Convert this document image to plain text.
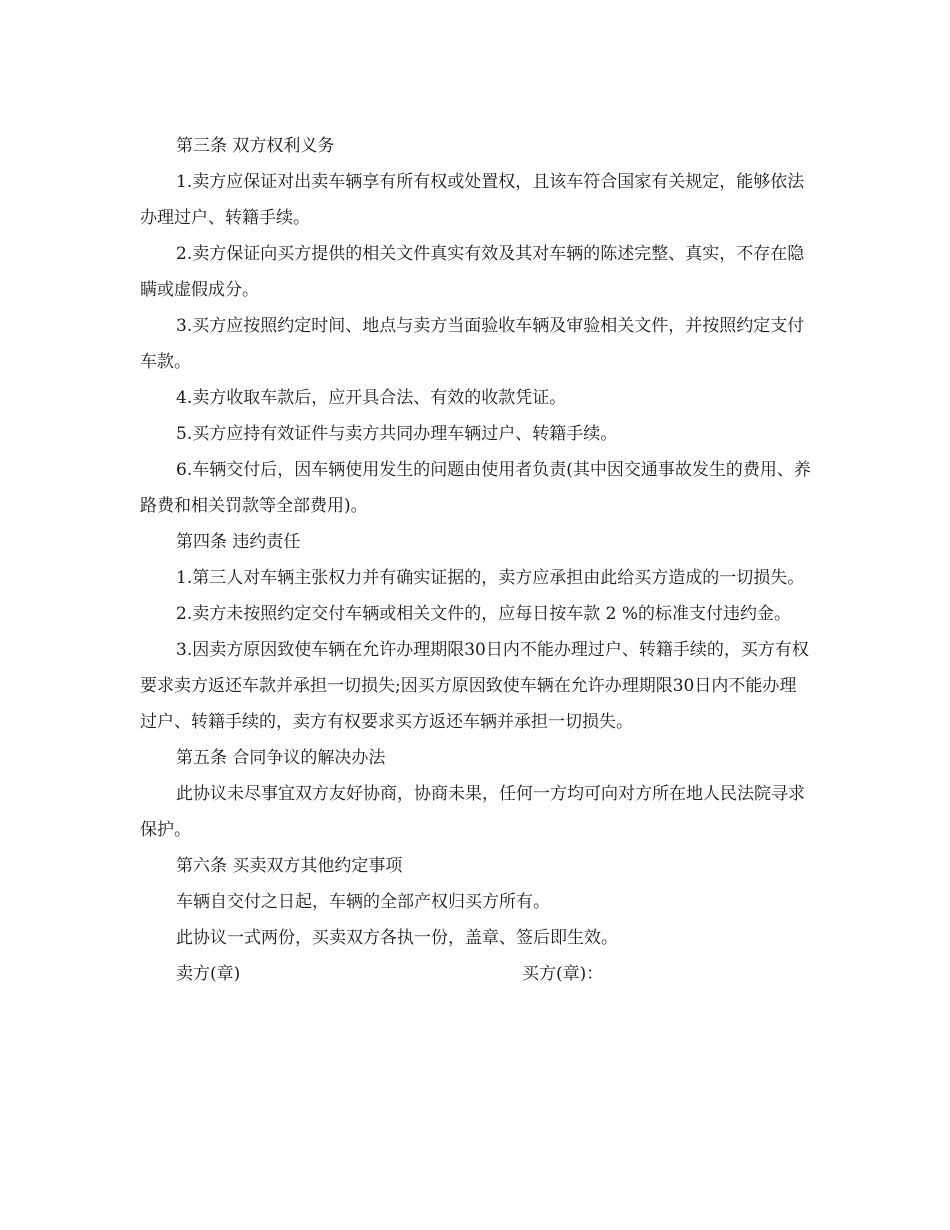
第三条 双方权利义务

1.卖方应保证对出卖车辆享有所有权或处置权，且该车符合国家有关规定，能够依法办理过户、转籍手续。

2.卖方保证向买方提供的相关文件真实有效及其对车辆的陈述完整、真实，不存在隐瞒或虚假成分。

3.买方应按照约定时间、地点与卖方当面验收车辆及审验相关文件，并按照约定支付车款。

4.卖方收取车款后，应开具合法、有效的收款凭证。

5.买方应持有效证件与卖方共同办理车辆过户、转籍手续。

6.车辆交付后，因车辆使用发生的问题由使用者负责(其中因交通事故发生的费用、养路费和相关罚款等全部费用)。

第四条 违约责任

1.第三人对车辆主张权力并有确实证据的，卖方应承担由此给买方造成的一切损失。

2.卖方未按照约定交付车辆或相关文件的，应每日按车款 2 %的标准支付违约金。

3.因卖方原因致使车辆在允许办理期限30日内不能办理过户、转籍手续的，买方有权要求卖方返还车款并承担一切损失;因买方原因致使车辆在允许办理期限30日内不能办理过户、转籍手续的，卖方有权要求买方返还车辆并承担一切损失。

第五条 合同争议的解决办法

此协议未尽事宜双方友好协商，协商未果，任何一方均可向对方所在地人民法院寻求保护。

第六条 买卖双方其他约定事项

车辆自交付之日起，车辆的全部产权归买方所有。

此协议一式两份，买卖双方各执一份，盖章、签后即生效。

卖方(章)	买方(章)：
